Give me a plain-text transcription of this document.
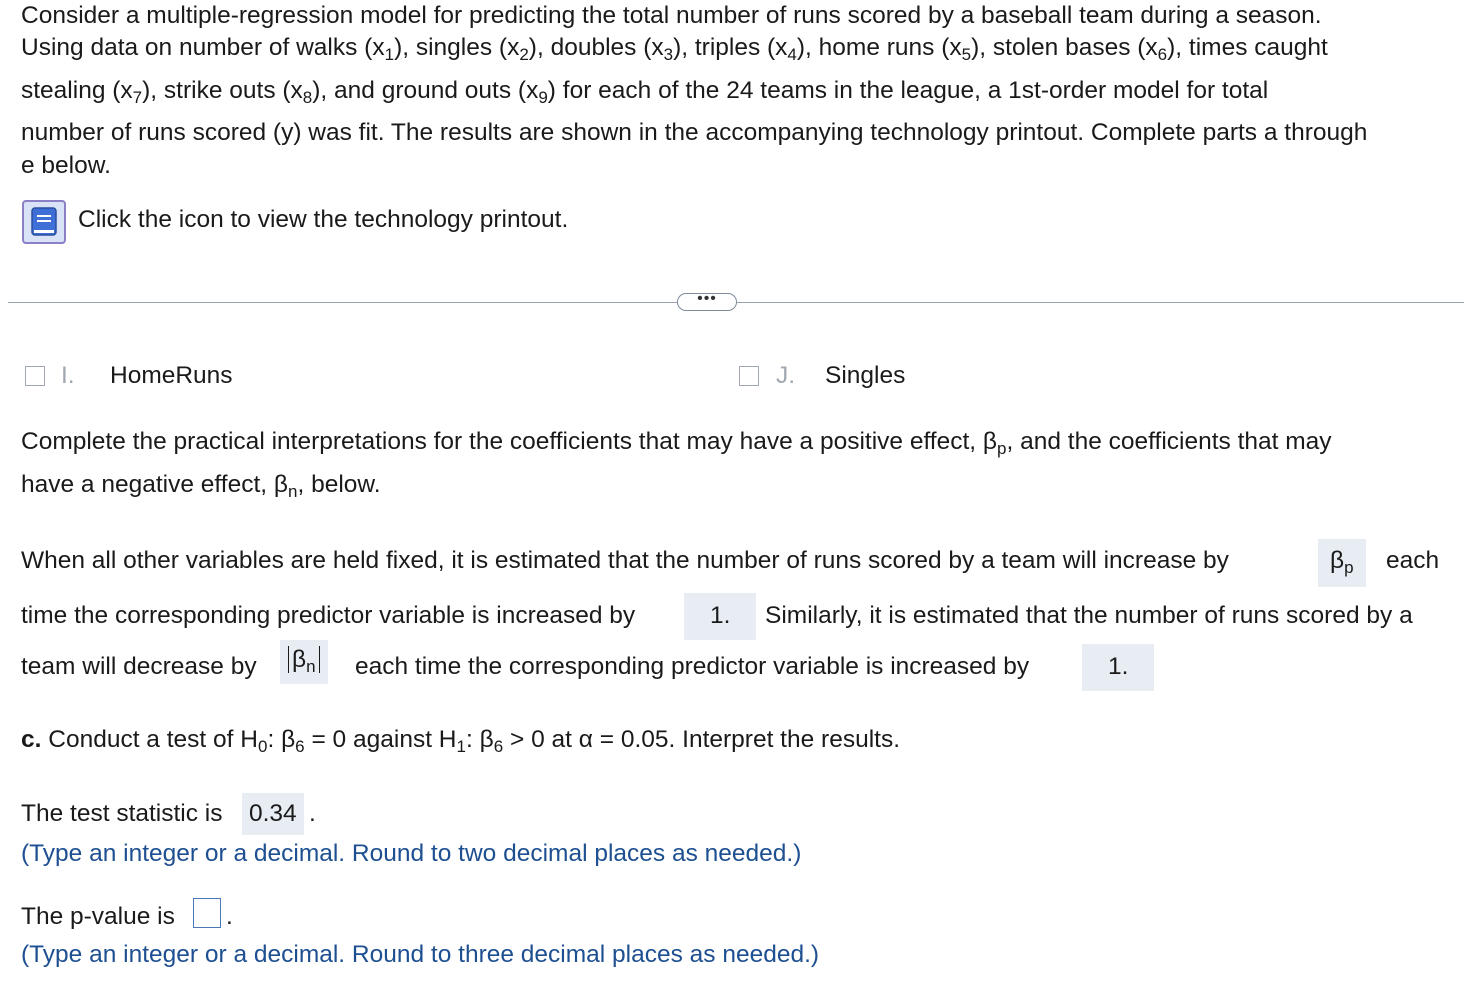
Consider a multiple-regression model for predicting the total number of runs scored by a baseball team during a season.
Using data on number of walks $(x_1)$, singles $(x_2)$, doubles $(x_3)$, triples $(x_4)$, home runs $(x_5)$, stolen bases $(x_6)$, times caught
stealing $(x_7)$, strike outs $(x_8)$, and ground outs $(x_9)$ for each of the 24 teams in the league, a 1st-order model for total
number of runs scored (y) was fit. The results are shown in the accompanying technology printout. Complete parts a through
e below.
Click the icon to view the technology printout.
•••
I. HomeRuns	J. Singles
Complete the practical interpretations for the coefficients that may have a positive effect, $\beta_p$, and the coefficients that may
have a negative effect, $\beta_n$, below.
When all other variables are held fixed, it is estimated that the number of runs scored by a team will increase by	$\beta_p$	each
time the corresponding predictor variable is increased by	1.	Similarly, it is estimated that the number of runs scored by a
team will decrease by	$\beta_n$	each time the corresponding predictor variable is increased by	1.
c. Conduct a test of $H_0$: $\beta_6 = 0$ against $H_1$: $\beta_6 > 0$ at α = 0.05. Interpret the results.
The test statistic is 0.34 .
(Type an integer or a decimal. Round to two decimal places as needed.)
The p-value is .
(Type an integer or a decimal. Round to three decimal places as needed.)
